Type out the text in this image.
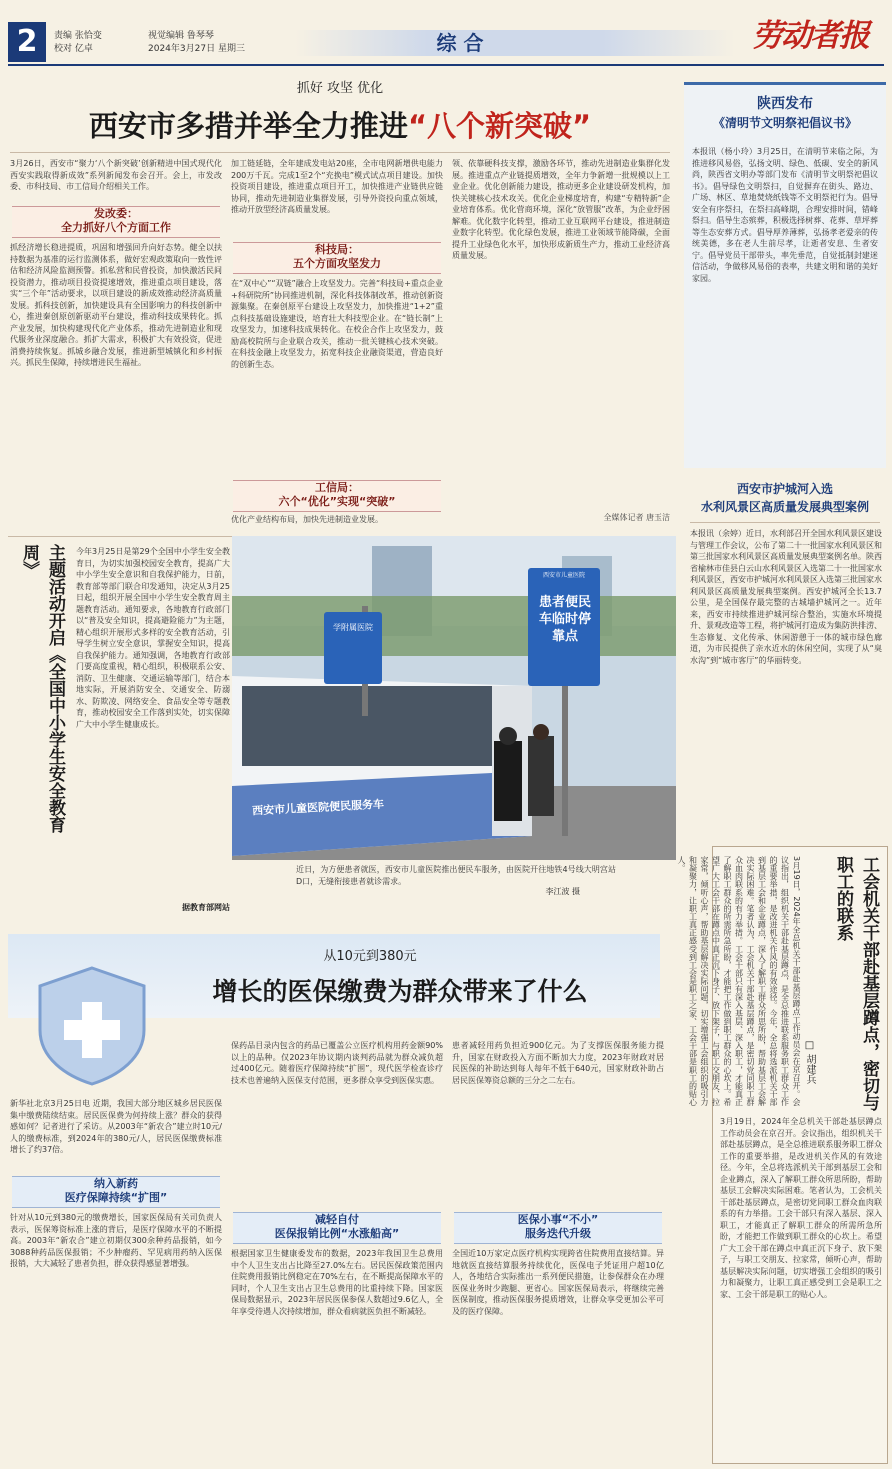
2	责编 张恰变
校对 亿卓
视觉编辑 鲁琴琴
2024年3月27日 星期三	综 合	劳动者报
抓好 攻坚 优化
西安市多措并举全力推进“八个新突破”
3月26日，西安市“聚力‘八个新突破’创新精进中国式现代化西安实践取得新成效”系列新闻发布会召开。会上，市发改委、市科技局、市工信局介绍相关工作。
发改委：
全力抓好八个方面工作
抓经济增长稳进提质，巩固和增强回升向好态势。健全以扶持数据为基准的运行监测体系，做好宏观政策取向一致性评估和经济风险监测预警。抓私营和民营投资，加快激活民间投资潜力，推动项目投资提速增效，推进重点项目建设，落实“三个年”活动要求，以项目建设的新成效推动经济高质量发展。抓科技创新，加快建设具有全国影响力的科技创新中心，推进秦创原创新驱动平台建设，推动科技成果转化。抓产业发展，加快构建现代化产业体系，推动先进制造业和现代服务业深度融合。抓扩大需求，积极扩大有效投资，促进消费持续恢复。抓城乡融合发展，推进新型城镇化和乡村振兴。抓民生保障，持续增进民生福祉。
加工链延链，全年建成发电站20座，全市电网新增供电能力200万千瓦。完成1至2个“充换电”模式试点项目建设。加快投资项目建设，推进重点项目开工，加快推进产业链供应链协同，推动先进制造业集群发展，引导外资投向重点领域，推动开放型经济高质量发展。
科技局：
五个方面攻坚发力
在“双中心”“双链”融合上攻坚发力。完善“科技局+重点企业+科研院所”协同推进机制，深化科技体制改革，推动创新资源集聚。在秦创原平台建设上攻坚发力，加快推进“1+2”重点科技基础设施建设，培育壮大科技型企业。在“链长制”上攻坚发力，加速科技成果转化。在校企合作上攻坚发力，鼓励高校院所与企业联合攻关，推动一批关键核心技术突破。在科技金融上攻坚发力，拓宽科技企业融资渠道，营造良好的创新生态。
工信局：
六个“优化”实现“突破”
优化产业结构布局，加快先进制造业发展。
领、依靠硬科技支撑，激励各环节，推动先进制造业集群化发展。推进重点产业链提质增效，全年力争新增一批规模以上工业企业。优化创新能力建设，推动更多企业建设研发机构，加快关键核心技术攻关。优化企业梯度培育，构建“专精特新”企业培育体系。优化营商环境，深化“放管服”改革，为企业纾困解难。优化数字化转型，推动工业互联网平台建设，推进制造业数字化转型。优化绿色发展，推进工业领域节能降碳，全面提升工业绿色化水平，加快形成新质生产力，推动工业经济高质量发展。
全媒体记者 唐玉洁
陕西发布
《清明节文明祭祀倡议书》
本报讯（杨小玲）3月25日，在清明节来临之际，为推进移风易俗，弘扬文明、绿色、低碳、安全的新风尚，陕西省文明办等部门发布《清明节文明祭祀倡议书》。倡导绿色文明祭扫，自觉摒弃在街头、路边、广场、林区、草地焚烧纸钱等不文明祭祀行为。倡导安全有序祭扫，在祭扫高峰期，合理安排时间，错峰祭扫。倡导生态殡葬，积极选择树葬、花葬、草坪葬等生态安葬方式。倡导厚养薄葬，弘扬孝老爱亲的传统美德，多在老人生前尽孝，让逝者安息、生者安宁。倡导党员干部带头，率先垂范，自觉抵制封建迷信活动，争做移风易俗的表率，共建文明和谐的美好家园。
西安市护城河入选
水利风景区高质量发展典型案例
本报讯（余婷）近日，水利部召开全国水利风景区建设与管理工作会议，公布了第二十一批国家水利风景区和第三批国家水利风景区高质量发展典型案例名单。陕西省榆林市佳县白云山水利风景区入选第二十一批国家水利风景区，西安市护城河水利风景区入选第三批国家水利风景区高质量发展典型案例。西安护城河全长13.7公里，是全国保存最完整的古城墙护城河之一。近年来，西安市持续推进护城河综合整治，实施水环境提升、景观改造等工程，将护城河打造成为集防洪排涝、生态修复、文化传承、休闲游憩于一体的城市绿色廊道，为市民提供了亲水近水的休闲空间，实现了从“臭水沟”到“城市客厅”的华丽转变。
主题活动开启《全国中小学生安全教育周》	今年3月25日是第29个全国中小学生安全教育日，为切实加强校园安全教育，提高广大中小学生安全意识和自我保护能力，日前，教育部等部门联合印发通知，决定从3月25日起，组织开展全国中小学生安全教育周主题教育活动。通知要求，各地教育行政部门以“普及安全知识，提高避险能力”为主题，精心组织开展形式多样的安全教育活动，引导学生树立安全意识，掌握安全知识，提高自我保护能力。通知强调，各地教育行政部门要高度重视，精心组织，积极联系公安、消防、卫生健康、交通运输等部门，结合本地实际，开展消防安全、交通安全、防溺水、防欺凌、网络安全、食品安全等专题教育，推动校园安全工作落到实处，切实保障广大中小学生健康成长。
据教育部网站
西安市儿童医院
患者便民车临时停靠点
学附属医院
西安市儿童医院便民服务车
近日，为方便患者就医，西安市儿童医院推出便民车服务，由医院开往地铁4号线大明宫站D口，无缝衔接患者就诊需求。
李江波 摄
从10元到380元
增长的医保缴费为群众带来了什么
新华社北京3月25日电 近期，我国大部分地区城乡居民医保集中缴费陆续结束。居民医保费为何持续上涨？群众的获得感如何？记者进行了采访。从2003年“新农合”建立时10元/人的缴费标准，到2024年的380元/人，居民医保缴费标准增长了约37倍。
纳入新药
医疗保障持续“扩围”
针对从10元到380元的缴费增长，国家医保局有关司负责人表示，医保筹资标准上涨的背后，是医疗保障水平的不断提高。2003年“新农合”建立初期仅300余种药品报销，如今3088种药品医保报销；不少肿瘤药、罕见病用药纳入医保报销，大大减轻了患者负担，群众获得感显著增强。
保药品目录内包含的药品已覆盖公立医疗机构用药金额90%以上的品种。仅2023年协议期内谈判药品就为群众减负超过400亿元。随着医疗保障持续“扩围”，现代医学检查诊疗技术也普遍纳入医保支付范围，更多群众享受到医保实惠。
减轻自付
医保报销比例“水涨船高”
根据国家卫生健康委发布的数据，2023年我国卫生总费用中个人卫生支出占比降至27.0%左右。居民医保政策范围内住院费用报销比例稳定在70%左右，在不断提高保障水平的同时，个人卫生支出占卫生总费用的比重持续下降。国家医保局数据显示，2023年居民医保参保人数超过9.6亿人，全年享受待遇人次持续增加，群众看病就医负担不断减轻。
患者减轻用药负担近900亿元。为了支撑医保服务能力提升，国家在财政投入方面不断加大力度，2023年财政对居民医保的补助达到每人每年不低于640元，国家财政补助占居民医保筹资总额的三分之二左右。
医保小事“不小”
服务迭代升级
全国近10万家定点医疗机构实现跨省住院费用直接结算。异地就医直接结算服务持续优化，医保电子凭证用户超10亿人，各地结合实际推出一系列便民措施，让参保群众在办理医保业务时少跑腿、更省心。国家医保局表示，将继续完善医保制度，推动医保服务提质增效，让群众享受更加公平可及的医疗保障。
工会机关干部赴基层蹲点，密切与职工的联系
□ 胡建兵
3月19日，2024年全总机关干部赴基层蹲点工作动员会在京召开。会议指出，组织机关干部赴基层蹲点，是全总推进联系服务职工群众工作的重要举措，是改进机关作风的有效途径。今年，全总将选派机关干部到基层工会和企业蹲点，深入了解职工群众所思所盼，帮助基层工会解决实际困难。笔者认为，工会机关干部赴基层蹲点，是密切党同职工群众血肉联系的有力举措。工会干部只有深入基层、深入职工，才能真正了解职工群众的所需所急所盼，才能把工作做到职工群众的心坎上。希望广大工会干部在蹲点中真正沉下身子、放下架子，与职工交朋友、拉家常，倾听心声，帮助基层解决实际问题，切实增强工会组织的吸引力和凝聚力，让职工真正感受到工会是职工之家、工会干部是职工的贴心人。
3月19日，2024年全总机关干部赴基层蹲点工作动员会在京召开。会议指出，组织机关干部赴基层蹲点，是全总推进联系服务职工群众工作的重要举措，是改进机关作风的有效途径。今年，全总将选派机关干部到基层工会和企业蹲点，深入了解职工群众所思所盼，帮助基层工会解决实际困难。笔者认为，工会机关干部赴基层蹲点，是密切党同职工群众血肉联系的有力举措。工会干部只有深入基层、深入职工，才能真正了解职工群众的所需所急所盼，才能把工作做到职工群众的心坎上。希望广大工会干部在蹲点中真正沉下身子、放下架子，与职工交朋友、拉家常，倾听心声，帮助基层解决实际问题，切实增强工会组织的吸引力和凝聚力，让职工真正感受到工会是职工之家、工会干部是职工的贴心人。
